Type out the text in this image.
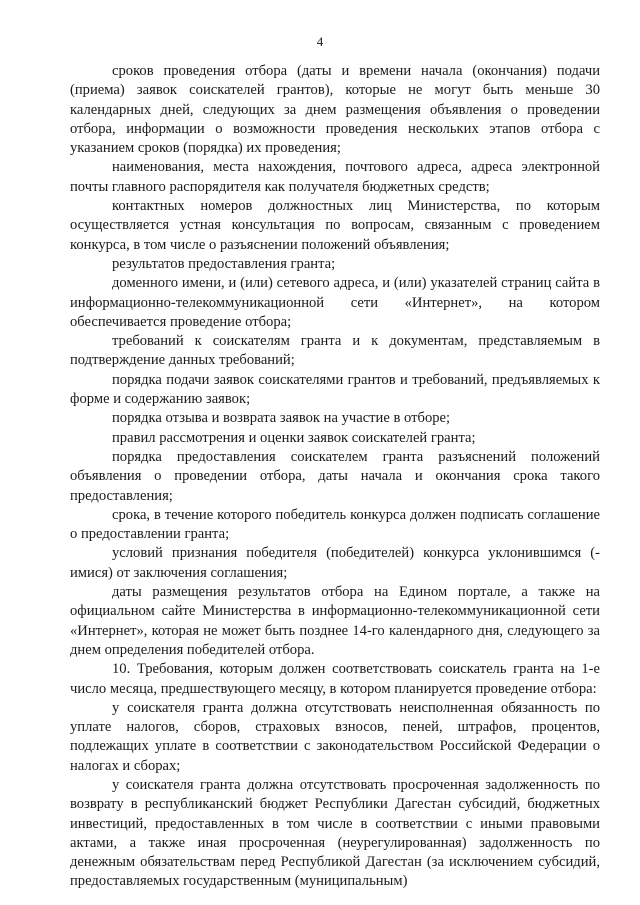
4

сроков проведения отбора (даты и времени начала (окончания) подачи (приема) заявок соискателей грантов), которые не могут быть меньше 30 календарных дней, следующих за днем размещения объявления о проведении отбора, информации о возможности проведения нескольких этапов отбора с указанием сроков (порядка) их проведения;

наименования, места нахождения, почтового адреса, адреса электронной почты главного распорядителя как получателя бюджетных средств;

контактных номеров должностных лиц Министерства, по которым осуществляется устная консультация по вопросам, связанным с проведением конкурса, в том числе о разъяснении положений объявления;

результатов предоставления гранта;

доменного имени, и (или) сетевого адреса, и (или) указателей страниц сайта в информационно-телекоммуникационной сети «Интернет», на котором обеспечивается проведение отбора;

требований к соискателям гранта и к документам, представляемым в подтверждение данных требований;

порядка подачи заявок соискателями грантов и требований, предъявляемых к форме и содержанию заявок;

порядка отзыва и возврата заявок на участие в отборе;

правил рассмотрения и оценки заявок соискателей гранта;

порядка предоставления соискателем гранта разъяснений положений объявления о проведении отбора, даты начала и окончания срока такого предоставления;

срока, в течение которого победитель конкурса должен подписать соглашение о предоставлении гранта;

условий признания победителя (победителей) конкурса уклонившимся (-имися) от заключения соглашения;

даты размещения результатов отбора на Едином портале, а также на официальном сайте Министерства в информационно-телекоммуникационной сети «Интернет», которая не может быть позднее 14-го календарного дня, следующего за днем определения победителей отбора.

10. Требования, которым должен соответствовать соискатель гранта на 1-е число месяца, предшествующего месяцу, в котором планируется проведение отбора:

у соискателя гранта должна отсутствовать неисполненная обязанность по уплате налогов, сборов, страховых взносов, пеней, штрафов, процентов, подлежащих уплате в соответствии с законодательством Российской Федерации о налогах и сборах;

у соискателя гранта должна отсутствовать просроченная задолженность по возврату в республиканский бюджет Республики Дагестан субсидий, бюджетных инвестиций, предоставленных в том числе в соответствии с иными правовыми актами, а также иная просроченная (неурегулированная) задолженность по денежным обязательствам перед Республикой Дагестан (за исключением субсидий, предоставляемых государственным (муниципальным)
